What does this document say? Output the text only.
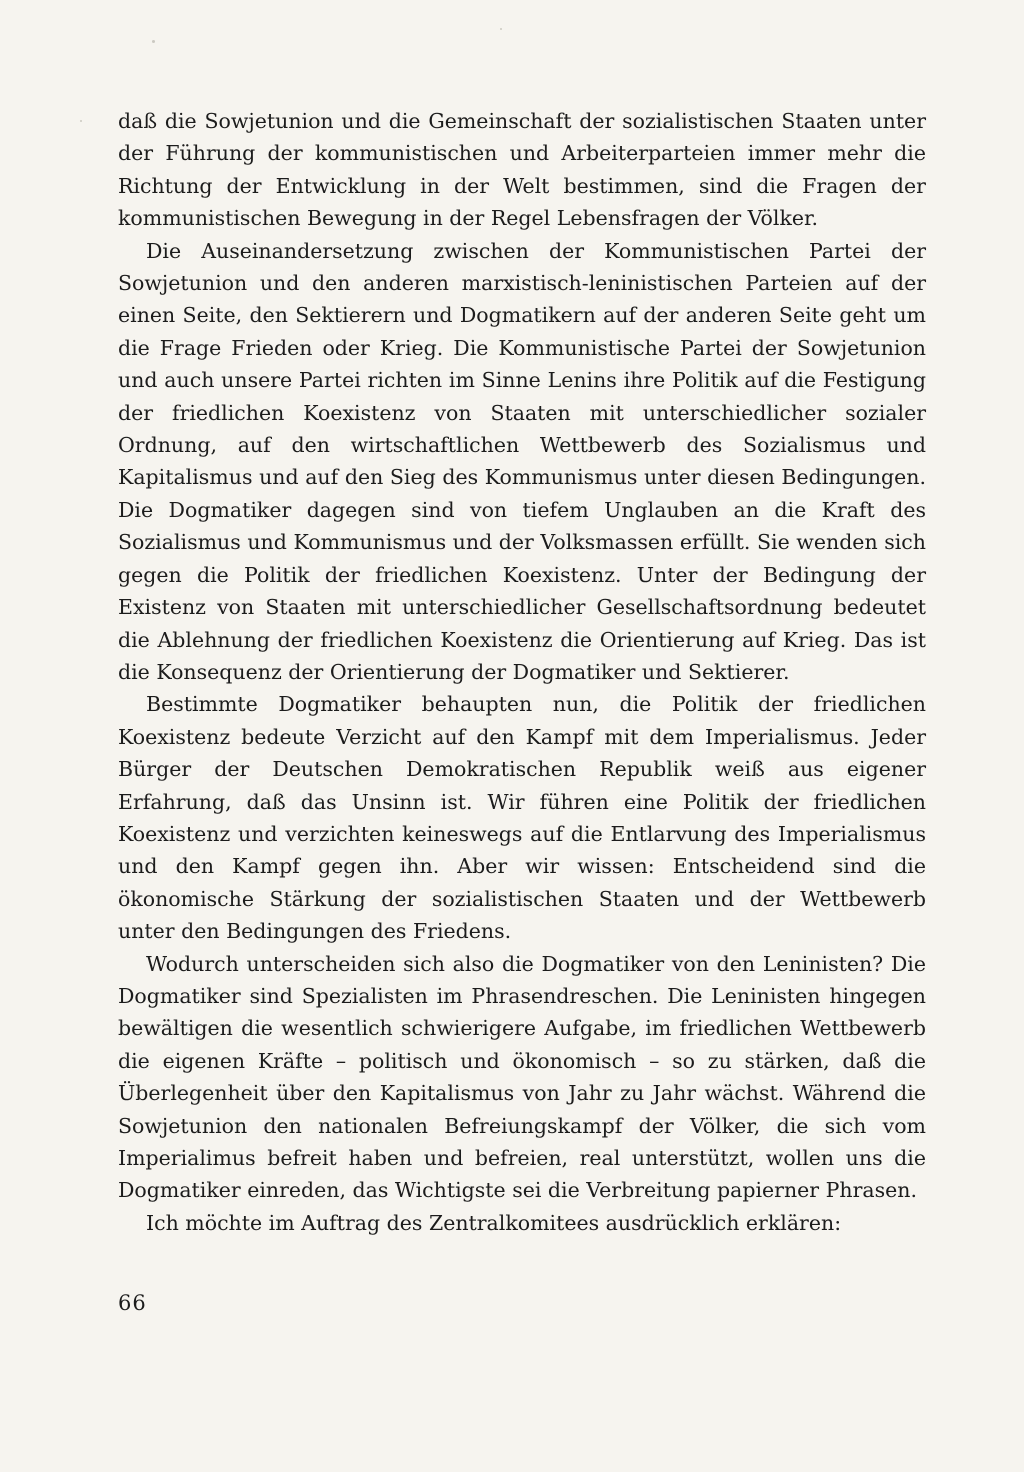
daß die Sowjetunion und die Gemeinschaft der sozialistischen Staaten unter der Führung der kommunistischen und Arbeiterparteien immer mehr die Richtung der Entwicklung in der Welt bestimmen, sind die Fragen der kommunistischen Bewegung in der Regel Lebensfragen der Völker.

Die Auseinandersetzung zwischen der Kommunistischen Partei der Sowjetunion und den anderen marxistisch-leninistischen Parteien auf der einen Seite, den Sektierern und Dogmatikern auf der anderen Seite geht um die Frage Frieden oder Krieg. Die Kommunistische Partei der Sowjetunion und auch unsere Partei richten im Sinne Lenins ihre Politik auf die Festigung der friedlichen Koexistenz von Staaten mit unterschiedlicher sozialer Ordnung, auf den wirtschaftlichen Wettbewerb des Sozialismus und Kapitalismus und auf den Sieg des Kommunismus unter diesen Bedingungen. Die Dogmatiker dagegen sind von tiefem Unglauben an die Kraft des Sozialismus und Kommunismus und der Volksmassen erfüllt. Sie wenden sich gegen die Politik der friedlichen Koexistenz. Unter der Bedingung der Existenz von Staaten mit unterschiedlicher Gesellschaftsordnung bedeutet die Ablehnung der friedlichen Koexistenz die Orientierung auf Krieg. Das ist die Konsequenz der Orientierung der Dogmatiker und Sektierer.

Bestimmte Dogmatiker behaupten nun, die Politik der friedlichen Koexistenz bedeute Verzicht auf den Kampf mit dem Imperialismus. Jeder Bürger der Deutschen Demokratischen Republik weiß aus eigener Erfahrung, daß das Unsinn ist. Wir führen eine Politik der friedlichen Koexistenz und verzichten keineswegs auf die Entlarvung des Imperialismus und den Kampf gegen ihn. Aber wir wissen: Entscheidend sind die ökonomische Stärkung der sozialistischen Staaten und der Wettbewerb unter den Bedingungen des Friedens.

Wodurch unterscheiden sich also die Dogmatiker von den Leninisten? Die Dogmatiker sind Spezialisten im Phrasendreschen. Die Leninisten hingegen bewältigen die wesentlich schwierigere Aufgabe, im friedlichen Wettbewerb die eigenen Kräfte – politisch und ökonomisch – so zu stärken, daß die Überlegenheit über den Kapitalismus von Jahr zu Jahr wächst. Während die Sowjetunion den nationalen Befreiungskampf der Völker, die sich vom Imperialimus befreit haben und befreien, real unterstützt, wollen uns die Dogmatiker einreden, das Wichtigste sei die Verbreitung papierner Phrasen.

Ich möchte im Auftrag des Zentralkomitees ausdrücklich erklären:

66
